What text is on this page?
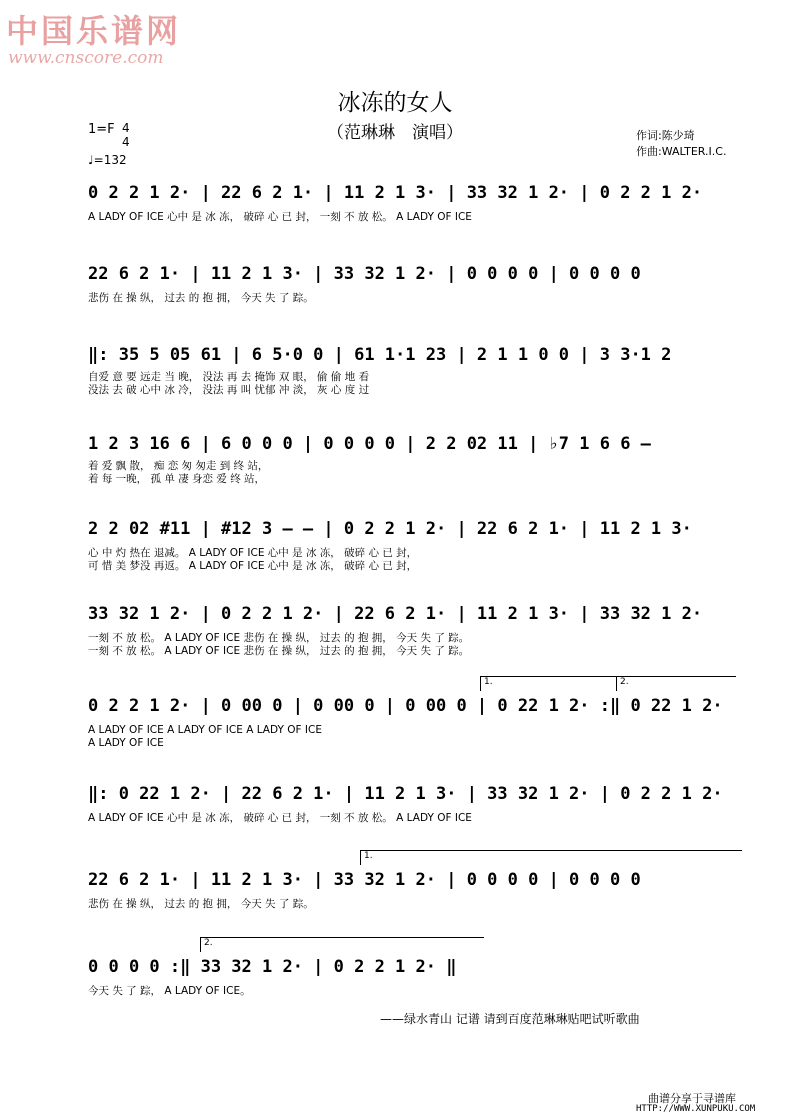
中国乐谱网
www.cnscore.com
冰冻的女人
（范琳琳　演唱）
1=F 4
4
♩=132
作词:陈少琦
作曲:WALTER.I.C.
0 2 2 1 2· | 22 6 2 1· | 11 2 1 3· | 33 32 1 2· | 0 2 2 1 2·
A LADY OF ICE 心中 是 冰 冻， 破碎 心 已 封， 一刻 不 放 松。 A LADY OF ICE
22 6 2 1· | 11 2 1 3· | 33 32 1 2· | 0 0 0 0 | 0 0 0 0
悲伤 在 操 纵， 过去 的 抱 拥， 今天 失 了 踪。
‖: 35 5 05 61 | 6 5·0 0 | 61 1·1 23 | 2 1 1 0 0 | 3 3·1 2
自爱 意 要 远走 当 晚， 没法 再 去 掩饰 双 眼， 偷 偷 地 看
没法 去 破 心中 冰 冷， 没法 再 叫 忧郁 冲 淡， 灰 心 度 过
1 2 3 16 6 | 6 0 0 0 | 0 0 0 0 | 2 2 02 11 | ♭7 1 6 6 —
着 爱 飘 散， 痴 恋 匆 匆走 到 终 站，
着 每 一晚， 孤 单 凄 身恋 爱 终 站，
2 2 02 #11 | #12 3 — — | 0 2 2 1 2· | 22 6 2 1· | 11 2 1 3·
心 中 灼 热在 退减。 A LADY OF ICE 心中 是 冰 冻， 破碎 心 已 封，
可 惜 美 梦没 再返。 A LADY OF ICE 心中 是 冰 冻， 破碎 心 已 封，
33 32 1 2· | 0 2 2 1 2· | 22 6 2 1· | 11 2 1 3· | 33 32 1 2·
一刻 不 放 松。 A LADY OF ICE 悲伤 在 操 纵， 过去 的 抱 拥， 今天 失 了 踪。
一刻 不 放 松。 A LADY OF ICE 悲伤 在 操 纵， 过去 的 抱 拥， 今天 失 了 踪。
1.	2.
0 2 2 1 2· | 0 00 0 | 0 00 0 | 0 00 0 | 0 22 1 2· :‖ 0 22 1 2·
A LADY OF ICE A LADY OF ICE A LADY OF ICE
A LADY OF ICE
‖: 0 22 1 2· | 22 6 2 1· | 11 2 1 3· | 33 32 1 2· | 0 2 2 1 2·
A LADY OF ICE 心中 是 冰 冻， 破碎 心 已 封， 一刻 不 放 松。 A LADY OF ICE
1.
22 6 2 1· | 11 2 1 3· | 33 32 1 2· | 0 0 0 0 | 0 0 0 0
悲伤 在 操 纵， 过去 的 抱 拥， 今天 失 了 踪。
2.
0 0 0 0 :‖ 33 32 1 2· | 0 2 2 1 2· ‖
今天 失 了 踪， A LADY OF ICE。
——绿水青山 记谱 请到百度范琳琳贴吧试听歌曲
曲谱分享于寻谱库
HTTP://WWW.XUNPUKU.COM
